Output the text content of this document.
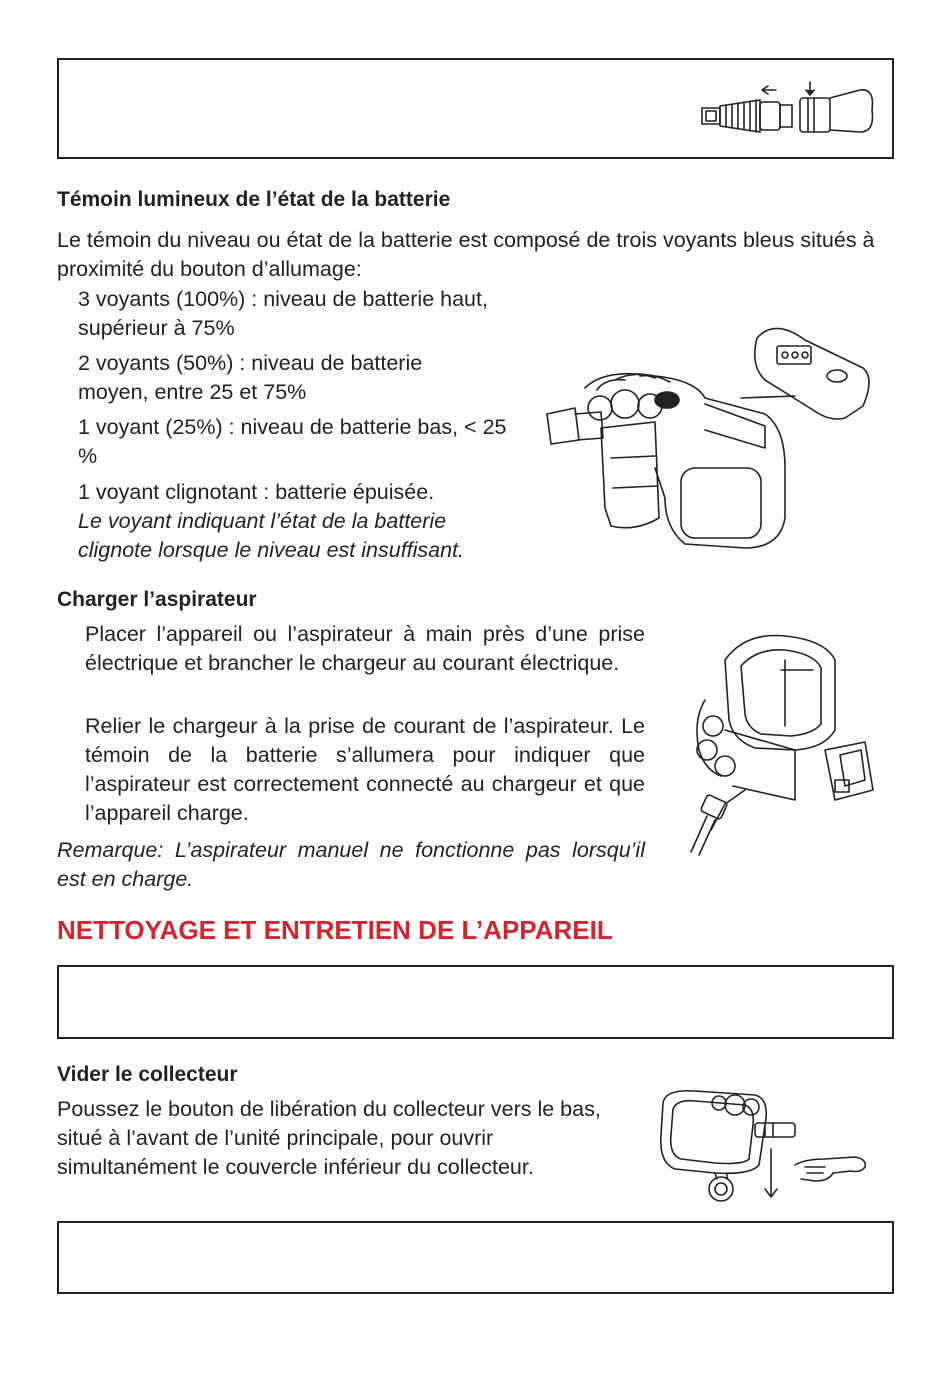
Témoin lumineux de l’état de la batterie

Le témoin du niveau ou état de la batterie est composé de trois voyants bleus situés à proximité du bouton d’allumage:

3 voyants (100%) : niveau de batterie haut, supérieur à 75%

2 voyants (50%) : niveau de batterie moyen, entre 25 et 75%

1 voyant (25%) : niveau de batterie bas, < 25 %

1 voyant clignotant : batterie épuisée.

Le voyant indiquant l’état de la batterie clignote lorsque le niveau est insuffisant.

Charger l’aspirateur

Placer l’appareil ou l’aspirateur à main près d’une prise électrique et brancher le chargeur au courant électrique.

Relier le chargeur à la prise de courant de l’aspirateur. Le témoin de la batterie s’allumera pour indiquer que l’aspirateur est correctement connecté au chargeur et que l’appareil charge.

Remarque: L’aspirateur manuel ne fonctionne pas lorsqu’il est en charge.

NETTOYAGE ET ENTRETIEN DE L’APPAREIL
Vider le collecteur

Poussez le bouton de libération du collecteur vers le bas, situé à l’avant de l’unité principale, pour ouvrir simultanément le couvercle inférieur du collecteur.
